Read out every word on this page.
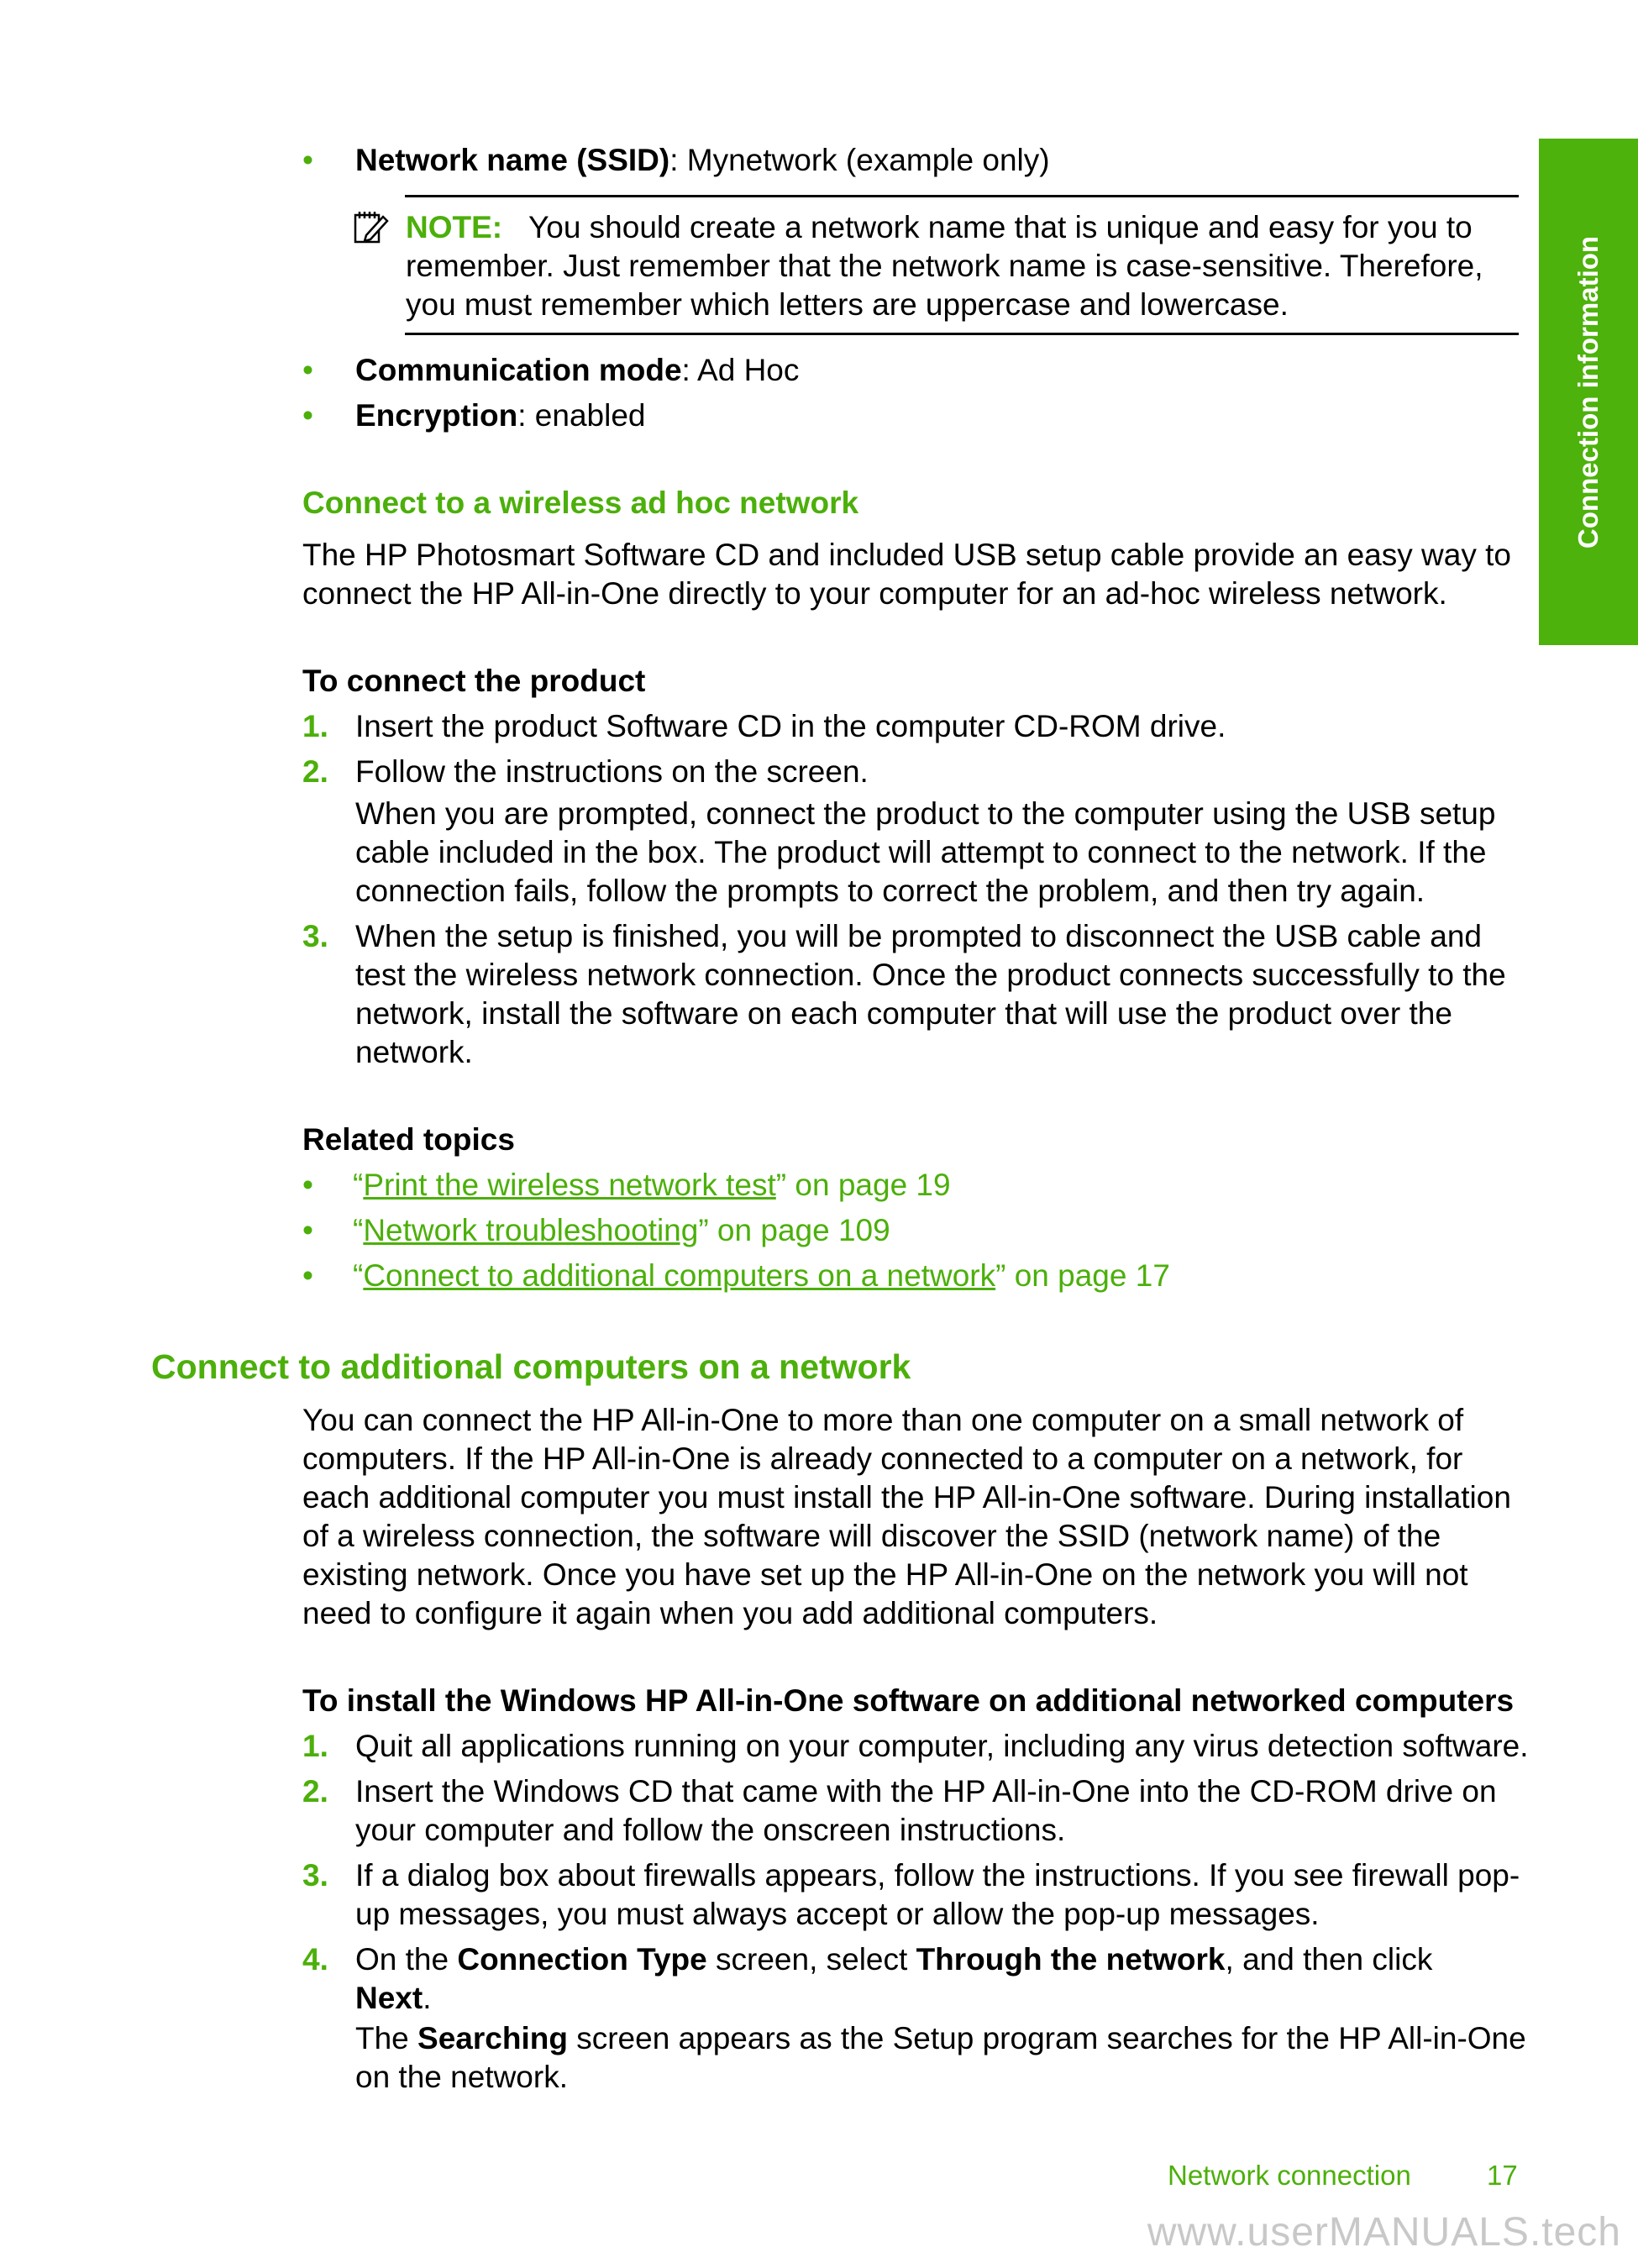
Connection information
• Network name (SSID): Mynetwork (example only)
NOTE: You should create a network name that is unique and easy for you to
remember. Just remember that the network name is case-sensitive. Therefore,
you must remember which letters are uppercase and lowercase.
• Communication mode: Ad Hoc
• Encryption: enabled
Connect to a wireless ad hoc network
The HP Photosmart Software CD and included USB setup cable provide an easy way to
connect the HP All-in-One directly to your computer for an ad-hoc wireless network.
To connect the product
1. Insert the product Software CD in the computer CD-ROM drive.
2. Follow the instructions on the screen.
When you are prompted, connect the product to the computer using the USB setup
cable included in the box. The product will attempt to connect to the network. If the
connection fails, follow the prompts to correct the problem, and then try again.
3. When the setup is finished, you will be prompted to disconnect the USB cable and
test the wireless network connection. Once the product connects successfully to the
network, install the software on each computer that will use the product over the
network.
Related topics
• “Print the wireless network test” on page 19
• “Network troubleshooting” on page 109
• “Connect to additional computers on a network” on page 17
Connect to additional computers on a network
You can connect the HP All-in-One to more than one computer on a small network of
computers. If the HP All-in-One is already connected to a computer on a network, for
each additional computer you must install the HP All-in-One software. During installation
of a wireless connection, the software will discover the SSID (network name) of the
existing network. Once you have set up the HP All-in-One on the network you will not
need to configure it again when you add additional computers.
To install the Windows HP All-in-One software on additional networked computers
1. Quit all applications running on your computer, including any virus detection software.
2. Insert the Windows CD that came with the HP All-in-One into the CD-ROM drive on
your computer and follow the onscreen instructions.
3. If a dialog box about firewalls appears, follow the instructions. If you see firewall pop-
up messages, you must always accept or allow the pop-up messages.
4. On the Connection Type screen, select Through the network, and then click
Next.
The Searching screen appears as the Setup program searches for the HP All-in-One
on the network.
Network connection	17
www.userMANUALS.tech
